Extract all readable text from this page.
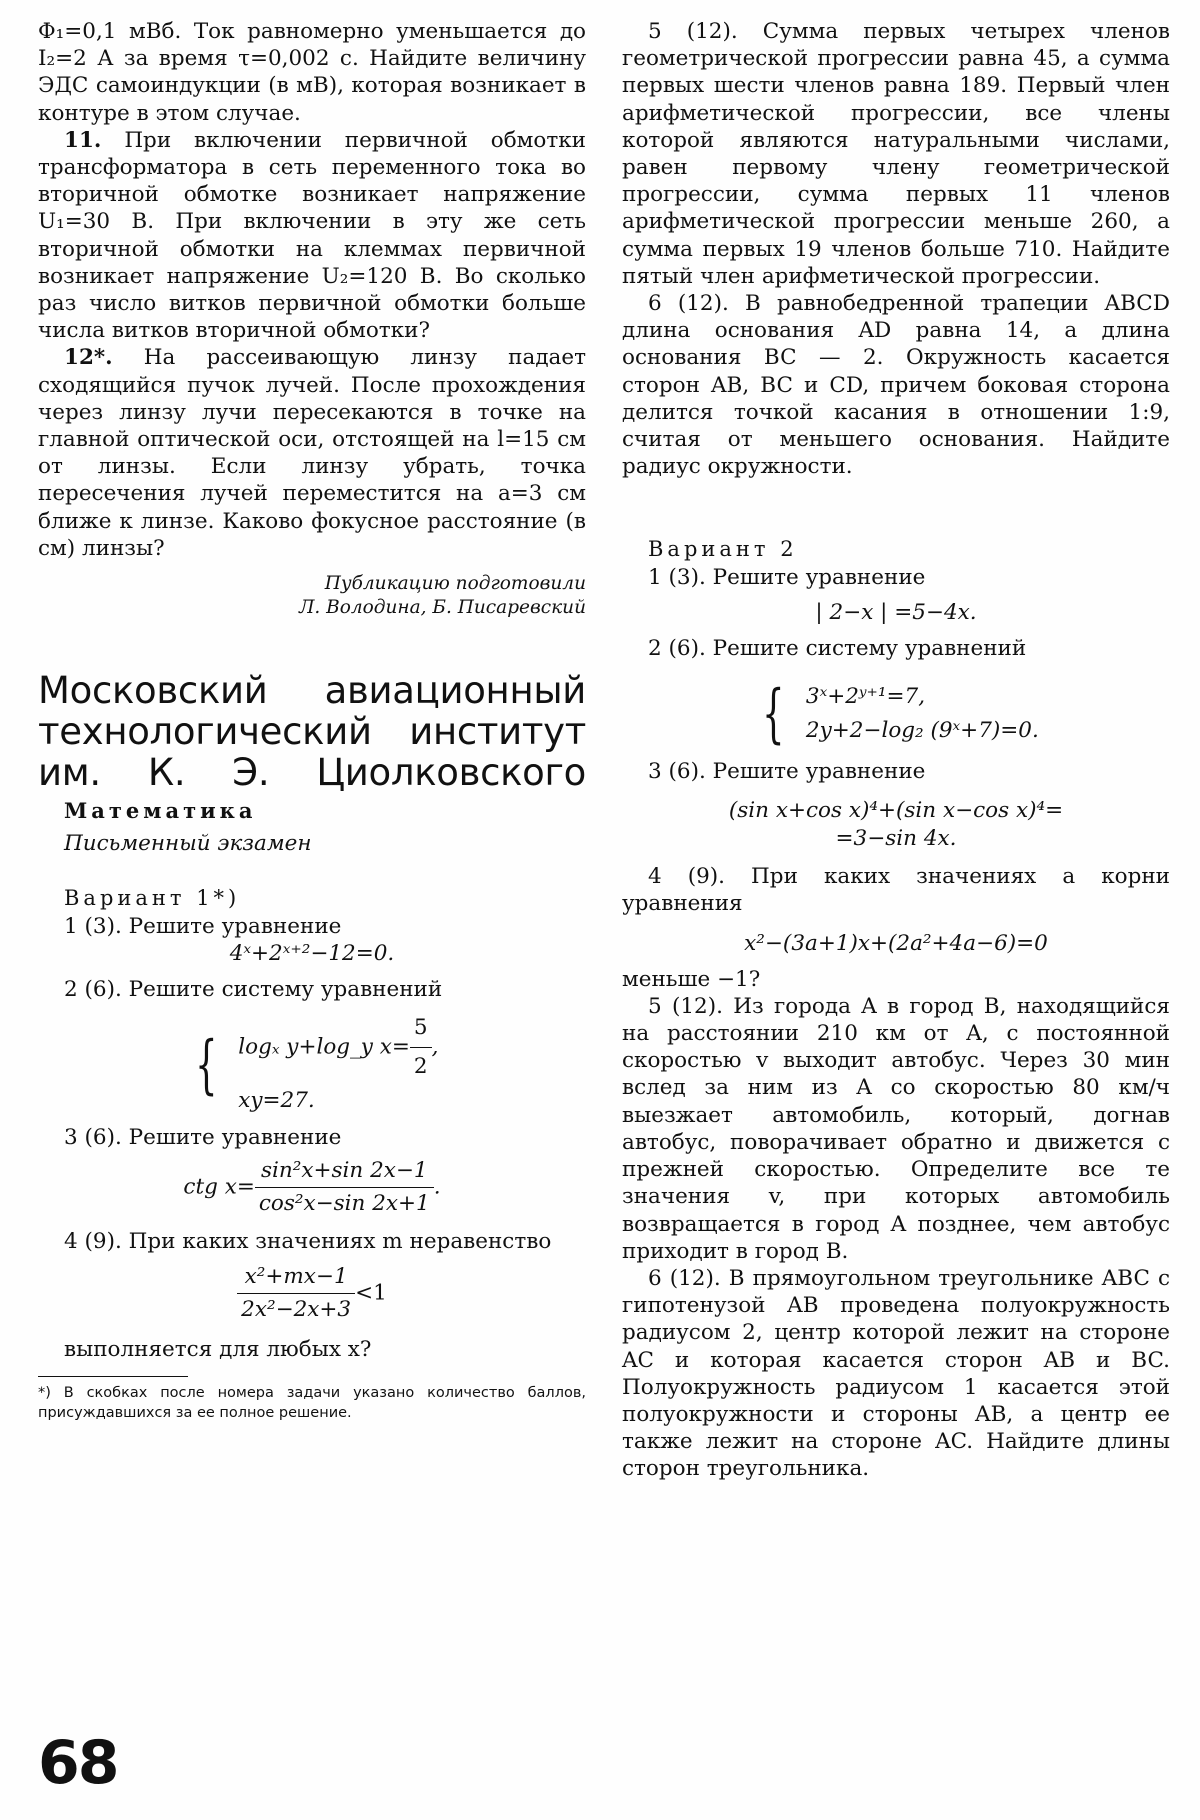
Φ₁=0,1 мВб. Ток равномерно уменьшается до I₂=2 А за время τ=0,002 с. Найдите величину ЭДС самоиндукции (в мВ), которая возникает в контуре в этом случае.

11. При включении первичной обмотки трансформатора в сеть переменного тока во вторичной обмотке возникает напряжение U₁=30 В. При включении в эту же сеть вторичной обмотки на клеммах первичной возникает напряжение U₂=120 В. Во сколько раз число витков первичной обмотки больше числа витков вторичной обмотки?

12*. На рассеивающую линзу падает сходящийся пучок лучей. После прохождения через линзу лучи пересекаются в точке на главной оптической оси, отстоящей на l=15 см от линзы. Если линзу убрать, точка пересечения лучей переместится на a=3 см ближе к линзе. Каково фокусное расстояние (в см) линзы?

Публикацию подготовили

Л. Володина, Б. Писаревский

Московский авиационный технологический институт им. К. Э. Циолковского

Математика

Письменный экзамен

Вариант 1*)

1 (3). Решите уравнение

4ˣ+2ˣ⁺²−12=0.

2 (6). Решите систему уравнений

{ logₓ y+log_y $x= \frac{5}{2}$ ,

xy=27.

3 (6). Решите уравнение

ctg $x= \frac{\text{sin²x+sin 2x−1}}{\text{cos²x−sin 2x+1}}$ .

4 (9). При каких значениях m неравенство

$\frac{\text{x²+mx−1}}{\text{2x²−2x+3}} <1$

выполняется для любых x?

*) В скобках после номера задачи указано количество баллов, присуждавшихся за ее полное решение.

5 (12). Сумма первых четырех членов геометрической прогрессии равна 45, а сумма первых шести членов равна 189. Первый член арифметической прогрессии, все члены которой являются натуральными числами, равен первому члену геометрической прогрессии, сумма первых 11 членов арифметической прогрессии меньше 260, а сумма первых 19 членов больше 710. Найдите пятый член арифметической прогрессии.

6 (12). В равнобедренной трапеции ABCD длина основания AD равна 14, а длина основания BC — 2. Окружность касается сторон AB, BC и CD, причем боковая сторона делится точкой касания в отношении 1:9, считая от меньшего основания. Найдите радиус окружности.

Вариант 2

1 (3). Решите уравнение

| 2−x | =5−4x.

2 (6). Решите систему уравнений

{ 3ˣ+2ʸ⁺¹=7,

2y+2−log₂ (9ˣ+7)=0.

3 (6). Решите уравнение

(sin x+cos x)⁴+(sin x−cos x)⁴=

=3−sin 4x.

4 (9). При каких значениях a корни уравнения

x²−(3a+1)x+(2a²+4a−6)=0

меньше −1?

5 (12). Из города A в город B, находящийся на расстоянии 210 км от A, с постоянной скоростью v выходит автобус. Через 30 мин вслед за ним из A со скоростью 80 км/ч выезжает автомобиль, который, догнав автобус, поворачивает обратно и движется с прежней скоростью. Определите все те значения v, при которых автомобиль возвращается в город A позднее, чем автобус приходит в город B.

6 (12). В прямоугольном треугольнике ABC с гипотенузой AB проведена полуокружность радиусом 2, центр которой лежит на стороне AC и которая касается сторон AB и BC. Полуокружность радиусом 1 касается этой полуокружности и стороны AB, а центр ее также лежит на стороне AC. Найдите длины сторон треугольника.

68
